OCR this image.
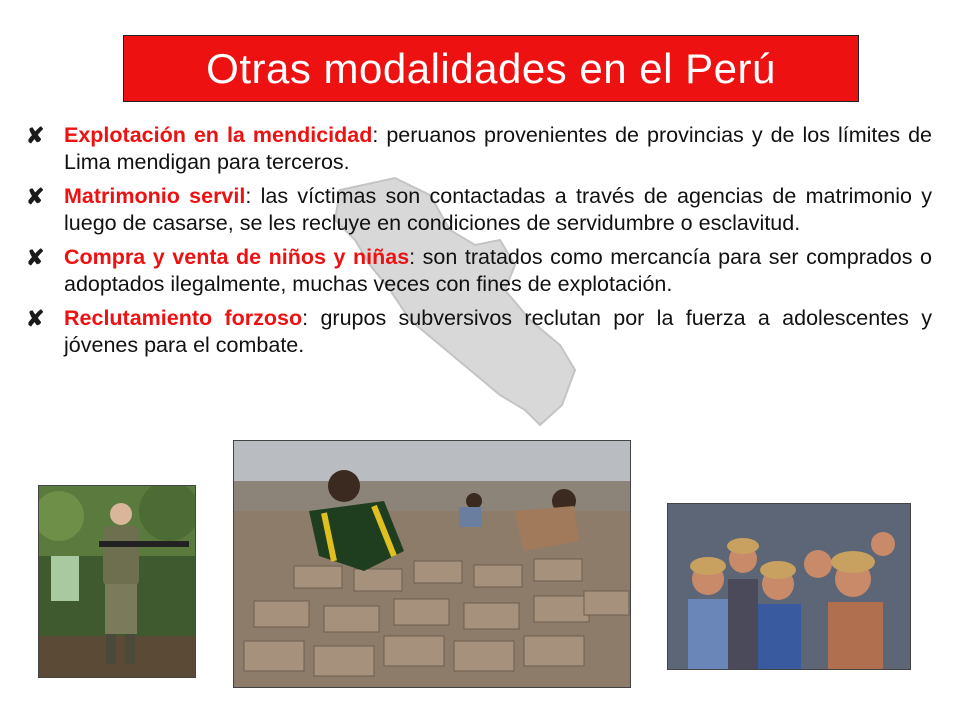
Otras modalidades en el Perú
✘ Explotación en la mendicidad: peruanos provenientes de provincias y de los límites de Lima mendigan para terceros.
✘ Matrimonio servil: las víctimas son contactadas a través de agencias de matrimonio y luego de casarse, se les recluye en condiciones de servidumbre o esclavitud.
✘ Compra y venta de niños y niñas: son tratados como mercancía para ser comprados o adoptados ilegalmente, muchas veces con fines de explotación.
✘ Reclutamiento forzoso: grupos subversivos reclutan por la fuerza a adolescentes y jóvenes para el combate.
